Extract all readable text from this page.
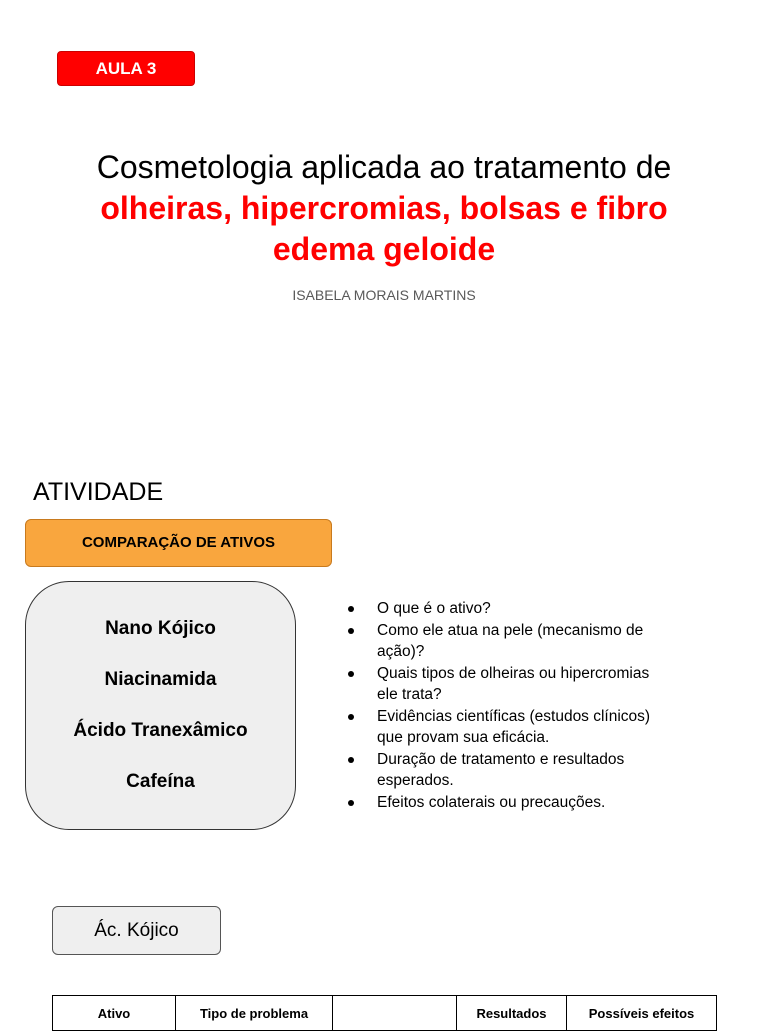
AULA 3
Cosmetologia aplicada ao tratamento de
olheiras, hipercromias, bolsas e fibro
edema geloide
ISABELA MORAIS MARTINS
ATIVIDADE
COMPARAÇÃO DE ATIVOS
Nano Kójico
Niacinamida
Ácido Tranexâmico
Cafeína
O que é o ativo?
Como ele atua na pele (mecanismo de
ação)?
Quais tipos de olheiras ou hipercromias
ele trata?
Evidências científicas (estudos clínicos)
que provam sua eficácia.
Duração de tratamento e resultados
esperados.
Efeitos colaterais ou precauções.
Ác. Kójico
Ativo	Tipo de problema		Resultados	Possíveis efeitos
